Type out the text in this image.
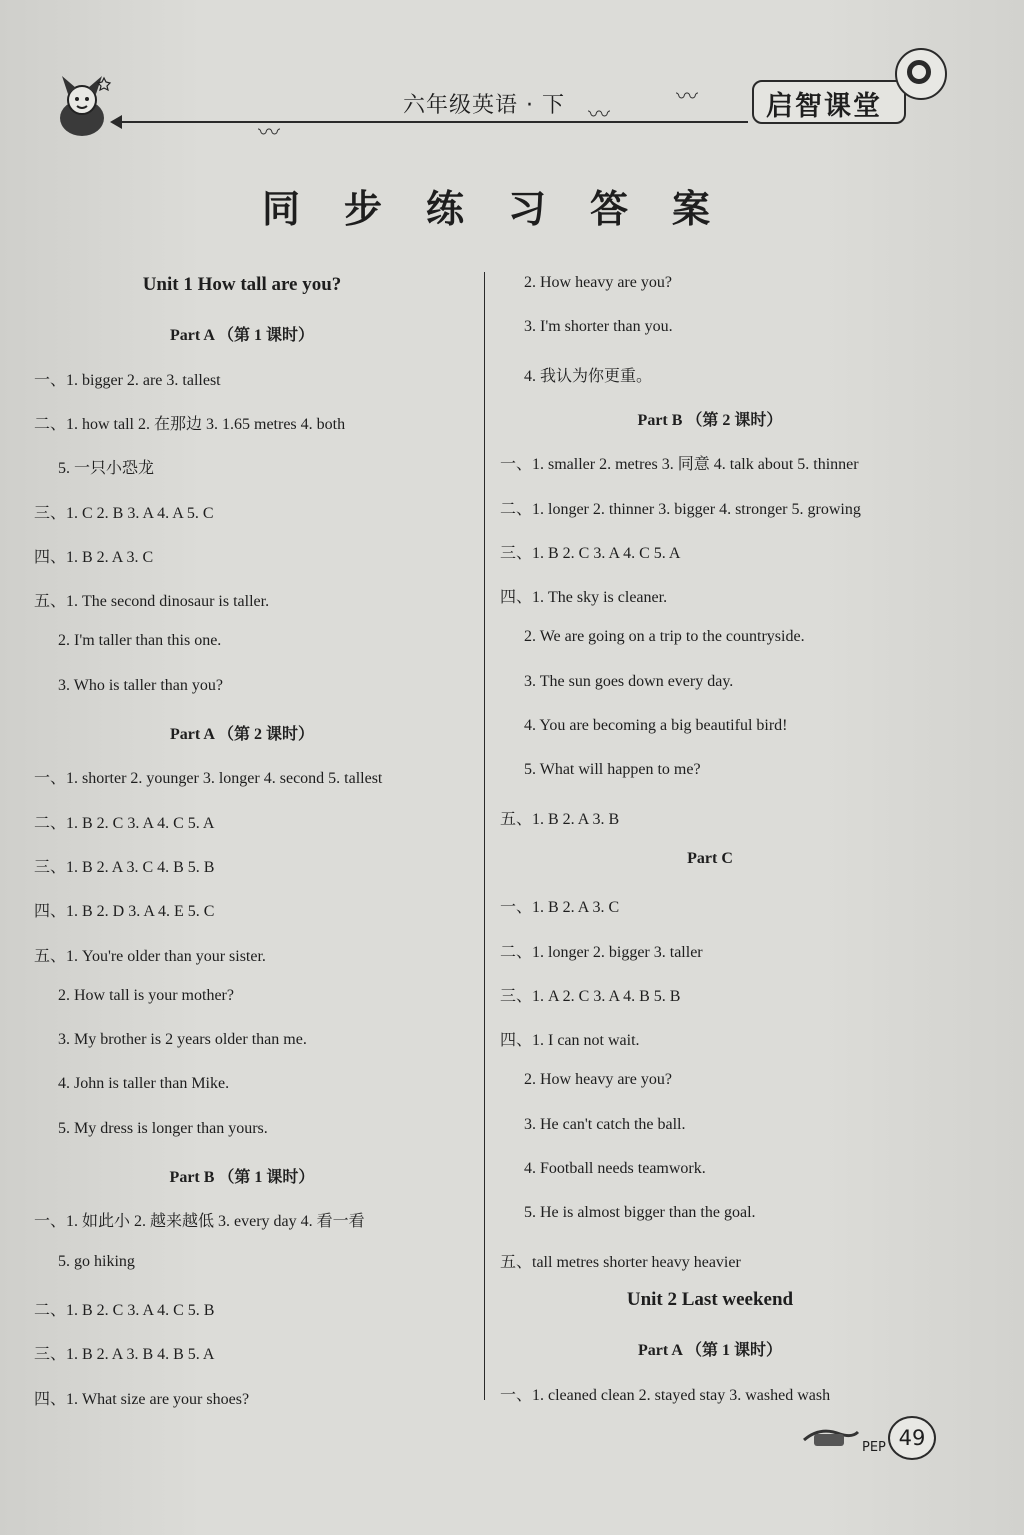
〰
〰
〰
六年级英语 · 下	启智课堂
同步练习答案
Unit 1 How tall are you?
Part A （第 1 课时）
一、1. bigger 2. are 3. tallest
二、1. how tall 2. 在那边 3. 1.65 metres 4. both
5. 一只小恐龙
三、1. C 2. B 3. A 4. A 5. C
四、1. B 2. A 3. C
五、1. The second dinosaur is taller.
2. I'm taller than this one.
3. Who is taller than you?
Part A （第 2 课时）
一、1. shorter 2. younger 3. longer 4. second 5. tallest
二、1. B 2. C 3. A 4. C 5. A
三、1. B 2. A 3. C 4. B 5. B
四、1. B 2. D 3. A 4. E 5. C
五、1. You're older than your sister.
2. How tall is your mother?
3. My brother is 2 years older than me.
4. John is taller than Mike.
5. My dress is longer than yours.
Part B （第 1 课时）
一、1. 如此小 2. 越来越低 3. every day 4. 看一看
5. go hiking
二、1. B 2. C 3. A 4. C 5. B
三、1. B 2. A 3. B 4. B 5. A
四、1. What size are your shoes?
2. How heavy are you?
3. I'm shorter than you.
4. 我认为你更重。
Part B （第 2 课时）
一、1. smaller 2. metres 3. 同意 4. talk about 5. thinner
二、1. longer 2. thinner 3. bigger 4. stronger 5. growing
三、1. B 2. C 3. A 4. C 5. A
四、1. The sky is cleaner.
2. We are going on a trip to the countryside.
3. The sun goes down every day.
4. You are becoming a big beautiful bird!
5. What will happen to me?
五、1. B 2. A 3. B
Part C
一、1. B 2. A 3. C
二、1. longer 2. bigger 3. taller
三、1. A 2. C 3. A 4. B 5. B
四、1. I can not wait.
2. How heavy are you?
3. He can't catch the ball.
4. Football needs teamwork.
5. He is almost bigger than the goal.
五、tall metres shorter heavy heavier
Unit 2 Last weekend
Part A （第 1 课时）
一、1. cleaned clean 2. stayed stay 3. washed wash
PEP 49
